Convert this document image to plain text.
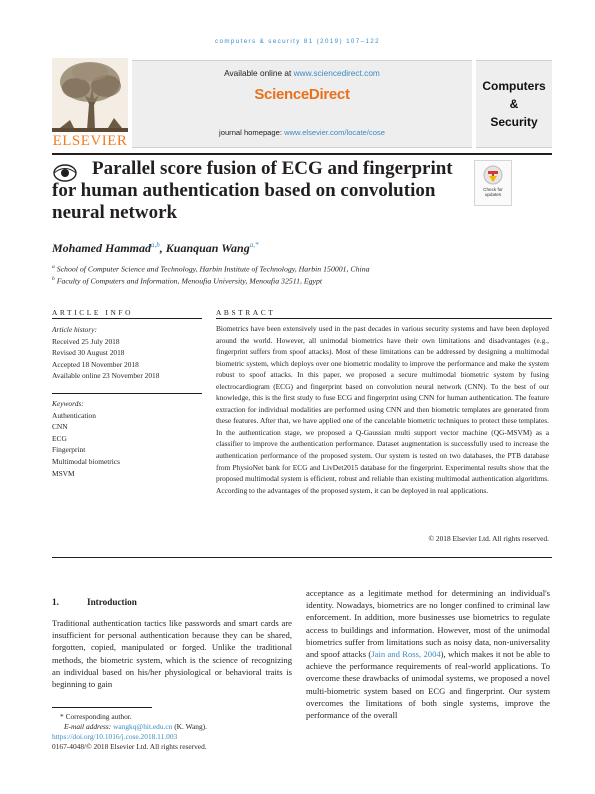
computers & security 81 (2019) 107–122
ELSEVIER
Available online at www.sciencedirect.com
ScienceDirect
journal homepage: www.elsevier.com/locate/cose
Computers
&
Security
Parallel score fusion of ECG and fingerprint for human authentication based on convolution neural network
Check for
updates
Mohamed Hammad$^{a,b}$, Kuanquan Wang$^{a,*}$
$^a$ School of Computer Science and Technology, Harbin Institute of Technology, Harbin 150001, China
$^b$ Faculty of Computers and Information, Menoufia University, Menoufia 32511, Egypt
ARTICLE INFO	ABSTRACT
Article history:
Received 25 July 2018
Revised 30 August 2018
Accepted 18 November 2018
Available online 23 November 2018
Keywords:
Authentication
CNN
ECG
Fingerprint
Multimodal biometrics
MSVM

Biometrics have been extensively used in the past decades in various security systems and have been deployed around the world. However, all unimodal biometrics have their own limitations and disadvantages (e.g., fingerprint suffers from spoof attacks). Most of these limitations can be addressed by designing a multimodal biometric system, which deploys over one biometric modality to improve the performance and make the system robust to spoof attacks. In this paper, we proposed a secure multimodal biometric system by fusing electrocardiogram (ECG) and fingerprint based on convolution neural network (CNN). To the best of our knowledge, this is the first study to fuse ECG and fingerprint using CNN for human authentication. The feature extraction for individual modalities are performed using CNN and then biometric templates are generated from these features. After that, we have applied one of the cancelable biometric techniques to protect these templates. In the authentication stage, we proposed a Q-Gaussian multi support vector machine (QG-MSVM) as a classifier to improve the authentication performance. Dataset augmentation is successfully used to increase the authentication performance of the proposed system. Our system is tested on two databases, the PTB database from PhysioNet bank for ECG and LivDet2015 database for the fingerprint. Experimental results show that the proposed multimodal system is efficient, robust and reliable than existing multimodal authentication algorithms. According to the advantages of the proposed system, it can be deployed in real applications.

© 2018 Elsevier Ltd. All rights reserved.
1.	Introduction

Traditional authentication tactics like passwords and smart cards are insufficient for personal authentication because they can be shared, forgotten, copied, manipulated or forged. Unlike the traditional methods, the biometric system, which is the science of recognizing an individual based on his/her physiological or behavioral traits is beginning to gain

acceptance as a legitimate method for determining an individual's identity. Nowadays, biometrics are no longer confined to criminal law enforcement. In addition, more businesses use biometrics to regulate access to buildings and information. However, most of the unimodal biometrics suffer from limitations such as noisy data, non-universality and spoof attacks (Jain and Ross, 2004), which makes it not be able to achieve the performance requirements of real-world applications. To overcome these drawbacks of unimodal systems, we proposed a novel multi-biometric system based on ECG and fingerprint. Our system overcomes the limitations of both single systems, improve the performance of the overall

* Corresponding author.
E-mail address: wangkq@hit.edu.cn (K. Wang).
https://doi.org/10.1016/j.cose.2018.11.003
0167-4048/© 2018 Elsevier Ltd. All rights reserved.
